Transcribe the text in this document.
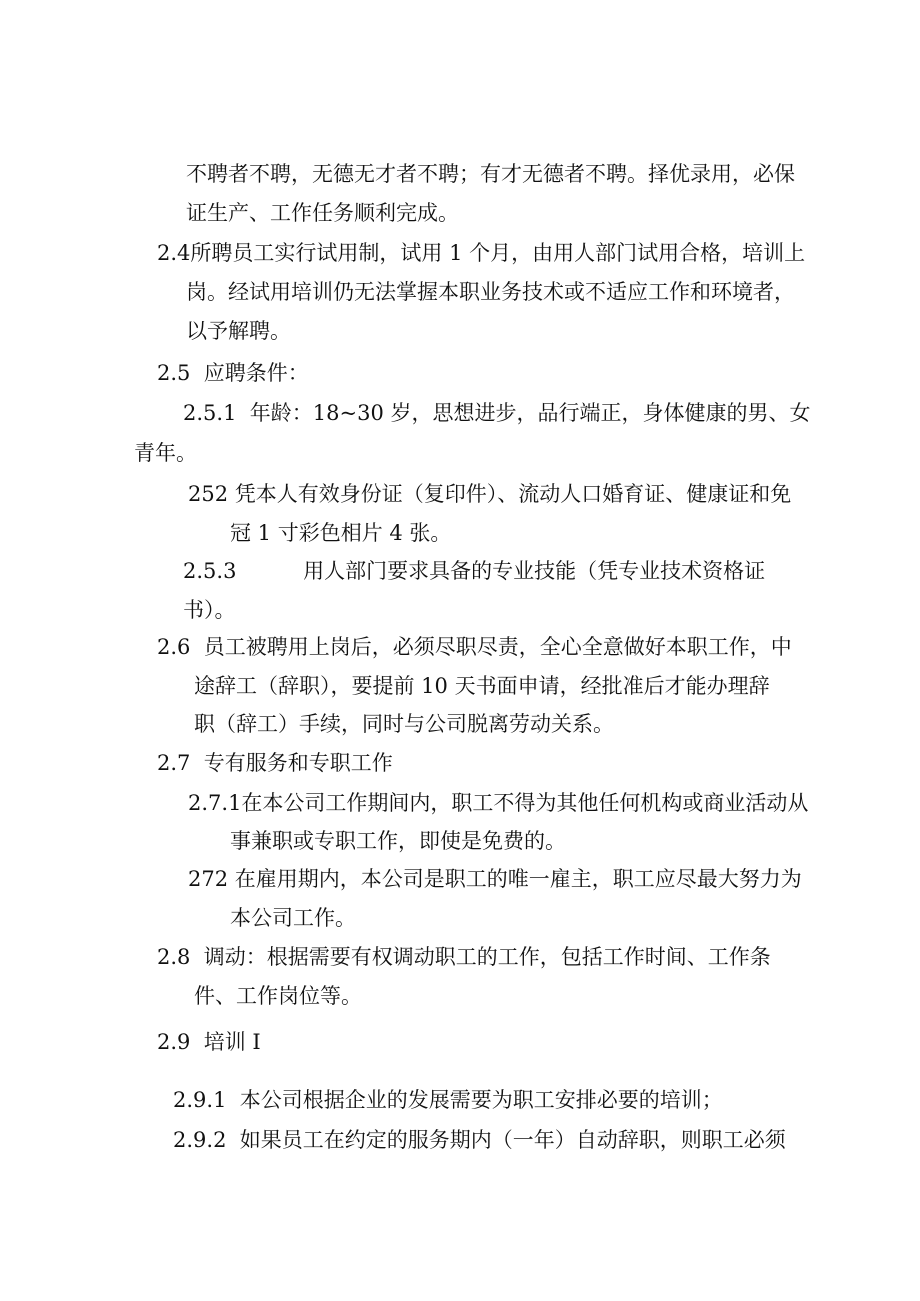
不聘者不聘，无德无才者不聘；有才无德者不聘。择优录用，必保
证生产、工作任务顺利完成。
2.4所聘员工实行试用制，试用 1 个月，由用人部门试用合格，培训上
岗。经试用培训仍无法掌握本职业务技术或不适应工作和环境者，
以予解聘。
2.5  应聘条件：
2.5.1  年龄：18~30 岁，思想进步，品行端正，身体健康的男、女
青年。
252 凭本人有效身份证（复印件）、流动人口婚育证、健康证和免
冠 1 寸彩色相片 4 张。
2.5.3          用人部门要求具备的专业技能（凭专业技术资格证
书）。
2.6  员工被聘用上岗后，必须尽职尽责，全心全意做好本职工作，中
途辞工（辞职），要提前 10 天书面申请，经批准后才能办理辞
职（辞工）手续，同时与公司脱离劳动关系。
2.7  专有服务和专职工作
2.7.1在本公司工作期间内，职工不得为其他任何机构或商业活动从
事兼职或专职工作，即使是免费的。
272 在雇用期内，本公司是职工的唯一雇主，职工应尽最大努力为
本公司工作。
2.8  调动：根据需要有权调动职工的工作，包括工作时间、工作条
件、工作岗位等。
2.9  培训 I
2.9.1  本公司根据企业的发展需要为职工安排必要的培训；
2.9.2  如果员工在约定的服务期内（一年）自动辞职，则职工必须
